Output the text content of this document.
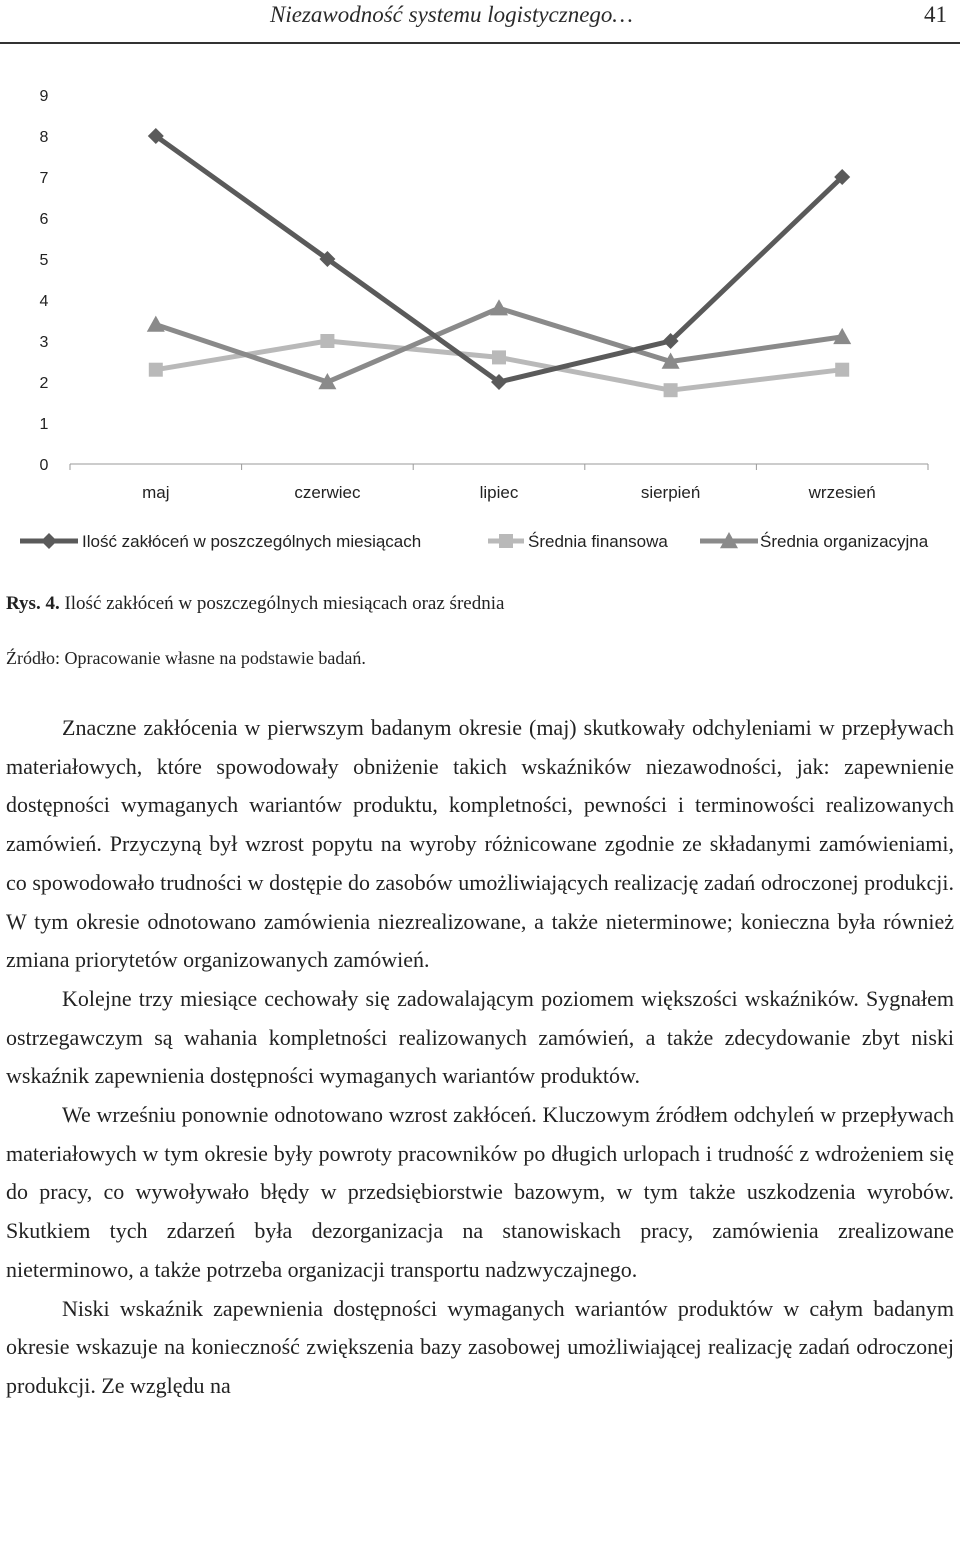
Niezawodność systemu logistycznego…	41
0
1
2
3
4
5
6
7
8
9
maj	czerwiec	lipiec	sierpień	wrzesień
Ilość zakłóceń w poszczególnych miesiącach	Średnia finansowa	Średnia organizacyjna
Rys. 4. Ilość zakłóceń w poszczególnych miesiącach oraz średnia
Źródło: Opracowanie własne na podstawie badań.

Znaczne zakłócenia w pierwszym badanym okresie (maj) skutkowały odchyleniami w przepływach materiałowych, które spowodowały obniżenie takich wskaźników niezawodności, jak: zapewnienie dostępności wymaganych wariantów produktu, kompletności, pewności i terminowości realizowanych zamówień. Przyczyną był wzrost popytu na wyroby różnicowane zgodnie ze składanymi zamówieniami, co spowodowało trudności w dostępie do zasobów umożliwiających realizację zadań odroczonej produkcji. W tym okresie odnotowano zamówienia niezrealizowane, a także nieterminowe; konieczna była również zmiana priorytetów organizowanych zamówień.

Kolejne trzy miesiące cechowały się zadowalającym poziomem większości wskaźników. Sygnałem ostrzegawczym są wahania kompletności realizowanych zamówień, a także zdecydowanie zbyt niski wskaźnik zapewnienia dostępności wymaganych wariantów produktów.

We wrześniu ponownie odnotowano wzrost zakłóceń. Kluczowym źródłem odchyleń w przepływach materiałowych w tym okresie były powroty pracowników po długich urlopach i trudność z wdrożeniem się do pracy, co wywoływało błędy w przedsiębiorstwie bazowym, w tym także uszkodzenia wyrobów. Skutkiem tych zdarzeń była dezorganizacja na stanowiskach pracy, zamówienia zrealizowane nieterminowo, a także potrzeba organizacji transportu nadzwyczajnego.

Niski wskaźnik zapewnienia dostępności wymaganych wariantów produktów w całym badanym okresie wskazuje na konieczność zwiększenia bazy zasobowej umożliwiającej realizację zadań odroczonej produkcji. Ze względu na
